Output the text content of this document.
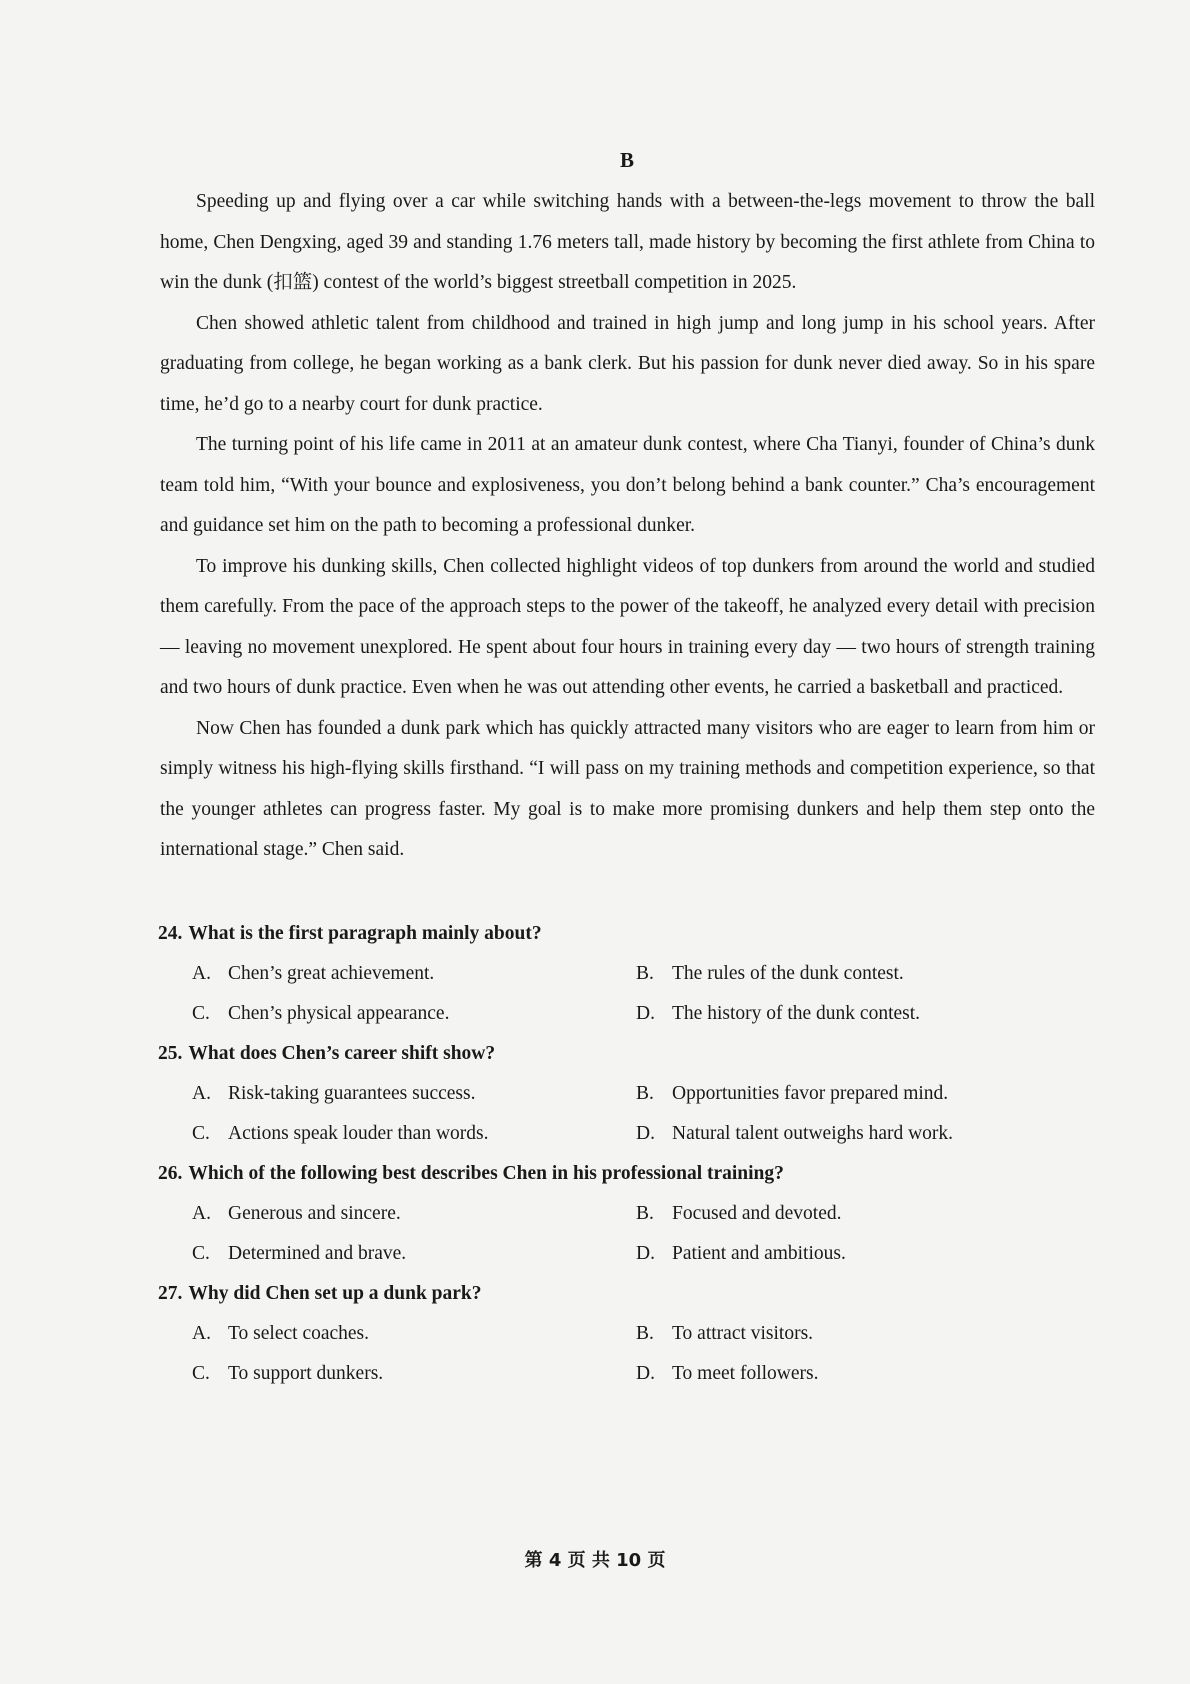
B

Speeding up and flying over a car while switching hands with a between-the-legs movement to throw the ball home, Chen Dengxing, aged 39 and standing 1.76 meters tall, made history by becoming the first athlete from China to win the dunk (扣篮) contest of the world’s biggest streetball competition in 2025.

Chen showed athletic talent from childhood and trained in high jump and long jump in his school years. After graduating from college, he began working as a bank clerk. But his passion for dunk never died away. So in his spare time, he’d go to a nearby court for dunk practice.

The turning point of his life came in 2011 at an amateur dunk contest, where Cha Tianyi, founder of China’s dunk team told him, “With your bounce and explosiveness, you don’t belong behind a bank counter.” Cha’s encouragement and guidance set him on the path to becoming a professional dunker.

To improve his dunking skills, Chen collected highlight videos of top dunkers from around the world and studied them carefully. From the pace of the approach steps to the power of the takeoff, he analyzed every detail with precision — leaving no movement unexplored. He spent about four hours in training every day — two hours of strength training and two hours of dunk practice. Even when he was out attending other events, he carried a basketball and practiced.

Now Chen has founded a dunk park which has quickly attracted many visitors who are eager to learn from him or simply witness his high-flying skills firsthand. “I will pass on my training methods and competition experience, so that the younger athletes can progress faster. My goal is to make more promising dunkers and help them step onto the international stage.” Chen said.

24. What is the first paragraph mainly about?
A. Chen’s great achievement.	B. The rules of the dunk contest.
C. Chen’s physical appearance.	D. The history of the dunk contest.
25. What does Chen’s career shift show?
A. Risk-taking guarantees success.	B. Opportunities favor prepared mind.
C. Actions speak louder than words.	D. Natural talent outweighs hard work.
26. Which of the following best describes Chen in his professional training?
A. Generous and sincere.	B. Focused and devoted.
C. Determined and brave.	D. Patient and ambitious.
27. Why did Chen set up a dunk park?
A. To select coaches.	B. To attract visitors.
C. To support dunkers.	D. To meet followers.
第 4 页 共 10 页
